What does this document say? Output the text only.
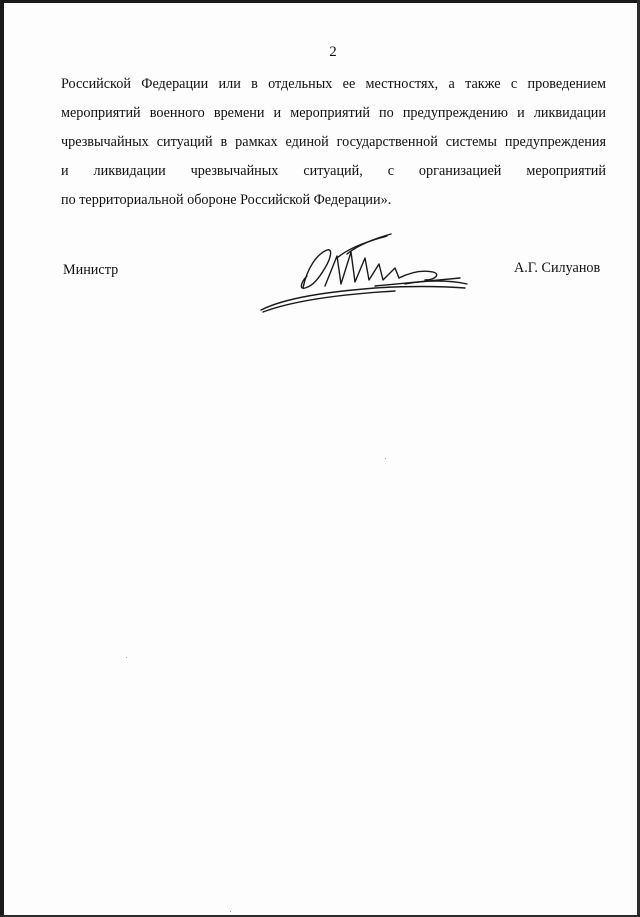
2
Российской Федерации или в отдельных ее местностях, а также с проведением
мероприятий военного времени и мероприятий по предупреждению и ликвидации
чрезвычайных ситуаций в рамках единой государственной системы предупреждения
и ликвидации чрезвычайных ситуаций, с организацией мероприятий
по территориальной обороне Российской Федерации».
Министр	А.Г. Силуанов
